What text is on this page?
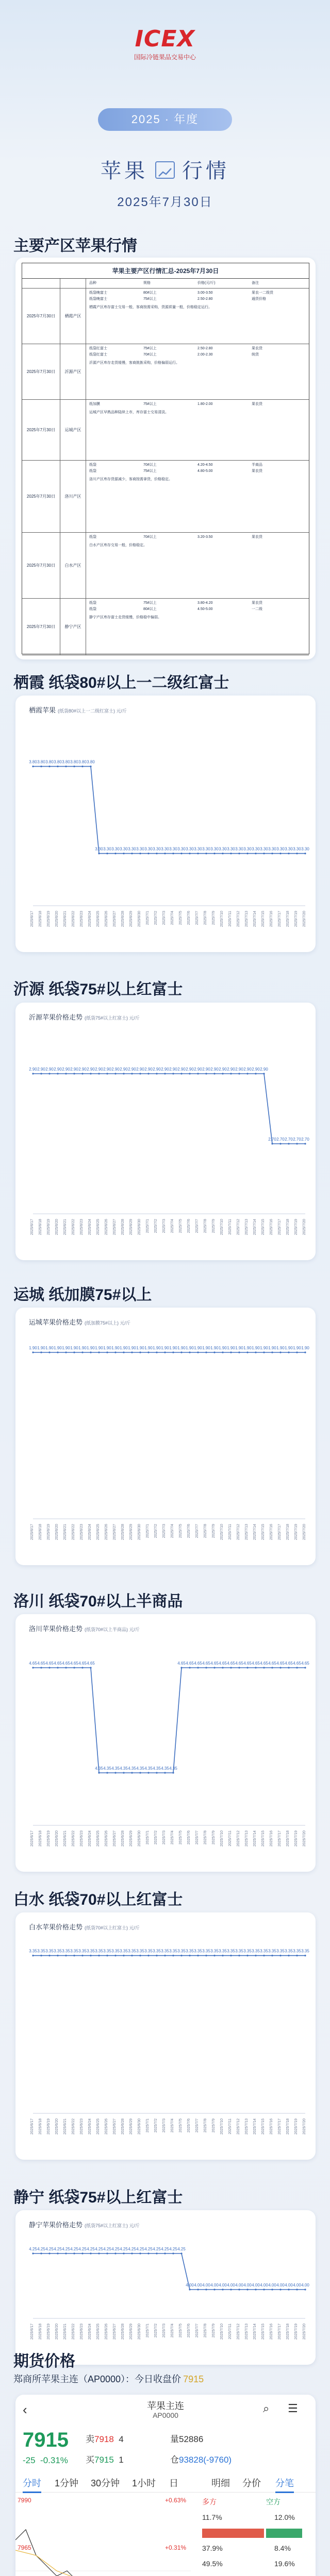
ICEX
国际冷链果品交易中心
2025 · 年度
苹果 行情
2025年7月30日
主要产区苹果行情
苹果主要产区行情汇总-2025年7月30日
品种	规格	价格(元/斤)	备注
2025年7月30日	栖霞产区
纸袋晚富士	80#以上	3.00-3.50	果农一二级货
纸袋晚富士	75#以上	2.50-2.80	通货价格
栖霞产区库存富士交易一般，客商按需采购，货源质量一般，价格稳定运行。
2025年7月30日	沂源产区
纸袋红富士	75#以上	2.50-2.80	果农货
纸袋红富士	70#以上	2.00-2.30	统货
沂源产区库存走货缓慢，客商挑拣采购，价格偏弱运行。
2025年7月30日	运城产区
纸加膜	75#以上	1.80-2.00	果农货
运城产区早熟品种陆续上市，库存富士交易清淡。
2025年7月30日	洛川产区
纸袋	70#以上	4.20-4.50	半商品
纸袋	75#以上	4.80-5.00	果农货
洛川产区库存货源减少，客商按需拿货，价格稳定。
2025年7月30日	白水产区
纸袋	70#以上	3.20-3.50	果农货
白水产区库存交易一般，价格稳定。
2025年7月30日	静宁产区
纸袋	75#以上	3.80-4.20	果农货
纸袋	80#以上	4.50-5.00	一二级
静宁产区库存富士走货缓慢，价格稳中偏弱。
栖霞 纸袋80#以上一二级红富士
栖霞苹果 (纸袋80#以上一二级红富士) 元/斤
3.80
2025/6/17
3.80
2025/6/18
3.80
2025/6/19
3.80
2025/6/20
3.80
2025/6/21
3.80
2025/6/22
3.80
2025/6/23
3.80
2025/6/24
3.30
2025/6/25
3.30
2025/6/26
3.30
2025/6/27
3.30
2025/6/28
3.30
2025/6/29
3.30
2025/6/30
3.30
2025/7/1
3.30
2025/7/2
3.30
2025/7/3
3.30
2025/7/4
3.30
2025/7/5
3.30
2025/7/6
3.30
2025/7/7
3.30
2025/7/8
3.30
2025/7/9
3.30
2025/7/10
3.30
2025/7/11
3.30
2025/7/12
3.30
2025/7/13
3.30
2025/7/14
3.30
2025/7/15
3.30
2025/7/16
3.30
2025/7/17
3.30
2025/7/18
3.30
2025/7/19
3.30
2025/7/20
沂源 纸袋75#以上红富士
沂源苹果价格走势 (纸袋75#以上红富士) 元/斤
2.90
2025/6/17
2.90
2025/6/18
2.90
2025/6/19
2.90
2025/6/20
2.90
2025/6/21
2.90
2025/6/22
2.90
2025/6/23
2.90
2025/6/24
2.90
2025/6/25
2.90
2025/6/26
2.90
2025/6/27
2.90
2025/6/28
2.90
2025/6/29
2.90
2025/6/30
2.90
2025/7/1
2.90
2025/7/2
2.90
2025/7/3
2.90
2025/7/4
2.90
2025/7/5
2.90
2025/7/6
2.90
2025/7/7
2.90
2025/7/8
2.90
2025/7/9
2.90
2025/7/10
2.90
2025/7/11
2.90
2025/7/12
2.90
2025/7/13
2.90
2025/7/14
2.90
2025/7/15
2.70
2025/7/16
2.70
2025/7/17
2.70
2025/7/18
2.70
2025/7/19
2.70
2025/7/20
运城 纸加膜75#以上
运城苹果价格走势 (纸加膜75#以上) 元/斤
1.90
2025/6/17
1.90
2025/6/18
1.90
2025/6/19
1.90
2025/6/20
1.90
2025/6/21
1.90
2025/6/22
1.90
2025/6/23
1.90
2025/6/24
1.90
2025/6/25
1.90
2025/6/26
1.90
2025/6/27
1.90
2025/6/28
1.90
2025/6/29
1.90
2025/6/30
1.90
2025/7/1
1.90
2025/7/2
1.90
2025/7/3
1.90
2025/7/4
1.90
2025/7/5
1.90
2025/7/6
1.90
2025/7/7
1.90
2025/7/8
1.90
2025/7/9
1.90
2025/7/10
1.90
2025/7/11
1.90
2025/7/12
1.90
2025/7/13
1.90
2025/7/14
1.90
2025/7/15
1.90
2025/7/16
1.90
2025/7/17
1.90
2025/7/18
1.90
2025/7/19
1.90
2025/7/20
洛川 纸袋70#以上半商品
洛川苹果价格走势 (纸袋70#以上半商品) 元/斤
4.65
2025/6/17
4.65
2025/6/18
4.65
2025/6/19
4.65
2025/6/20
4.65
2025/6/21
4.65
2025/6/22
4.65
2025/6/23
4.65
2025/6/24
4.35
2025/6/25
4.35
2025/6/26
4.35
2025/6/27
4.35
2025/6/28
4.35
2025/6/29
4.35
2025/6/30
4.35
2025/7/1
4.35
2025/7/2
4.35
2025/7/3
4.35
2025/7/4
4.65
2025/7/5
4.65
2025/7/6
4.65
2025/7/7
4.65
2025/7/8
4.65
2025/7/9
4.65
2025/7/10
4.65
2025/7/11
4.65
2025/7/12
4.65
2025/7/13
4.65
2025/7/14
4.65
2025/7/15
4.65
2025/7/16
4.65
2025/7/17
4.65
2025/7/18
4.65
2025/7/19
4.65
2025/7/20
白水 纸袋70#以上红富士
白水苹果价格走势 (纸袋70#以上红富士) 元/斤
3.35
2025/6/17
3.35
2025/6/18
3.35
2025/6/19
3.35
2025/6/20
3.35
2025/6/21
3.35
2025/6/22
3.35
2025/6/23
3.35
2025/6/24
3.35
2025/6/25
3.35
2025/6/26
3.35
2025/6/27
3.35
2025/6/28
3.35
2025/6/29
3.35
2025/6/30
3.35
2025/7/1
3.35
2025/7/2
3.35
2025/7/3
3.35
2025/7/4
3.35
2025/7/5
3.35
2025/7/6
3.35
2025/7/7
3.35
2025/7/8
3.35
2025/7/9
3.35
2025/7/10
3.35
2025/7/11
3.35
2025/7/12
3.35
2025/7/13
3.35
2025/7/14
3.35
2025/7/15
3.35
2025/7/16
3.35
2025/7/17
3.35
2025/7/18
3.35
2025/7/19
3.35
2025/7/20
静宁 纸袋75#以上红富士
静宁苹果价格走势 (纸袋75#以上红富士) 元/斤
4.25
2025/6/17
4.25
2025/6/18
4.25
2025/6/19
4.25
2025/6/20
4.25
2025/6/21
4.25
2025/6/22
4.25
2025/6/23
4.25
2025/6/24
4.25
2025/6/25
4.25
2025/6/26
4.25
2025/6/27
4.25
2025/6/28
4.25
2025/6/29
4.25
2025/6/30
4.25
2025/7/1
4.25
2025/7/2
4.25
2025/7/3
4.25
2025/7/4
4.25
2025/7/5
4.00
2025/7/6
4.00
2025/7/7
4.00
2025/7/8
4.00
2025/7/9
4.00
2025/7/10
4.00
2025/7/11
4.00
2025/7/12
4.00
2025/7/13
4.00
2025/7/14
4.00
2025/7/15
4.00
2025/7/16
4.00
2025/7/17
4.00
2025/7/18
4.00
2025/7/19
4.00
2025/7/20
期货价格
郑商所苹果主连（AP0000）：今日收盘价 7915
‹	苹果主连
AP0000
⌕ ☰
7915
-25 -0.31%
卖7918 4
买7915 1
量52886
仓93828(-9760)
分时 1分钟 30分钟 1小时 日	明细 分价 分笔
7990	+0.63%
7965	+0.31%
多方	空方
11.7%	12.0%
37.9%	8.4%
49.5%	19.6%
